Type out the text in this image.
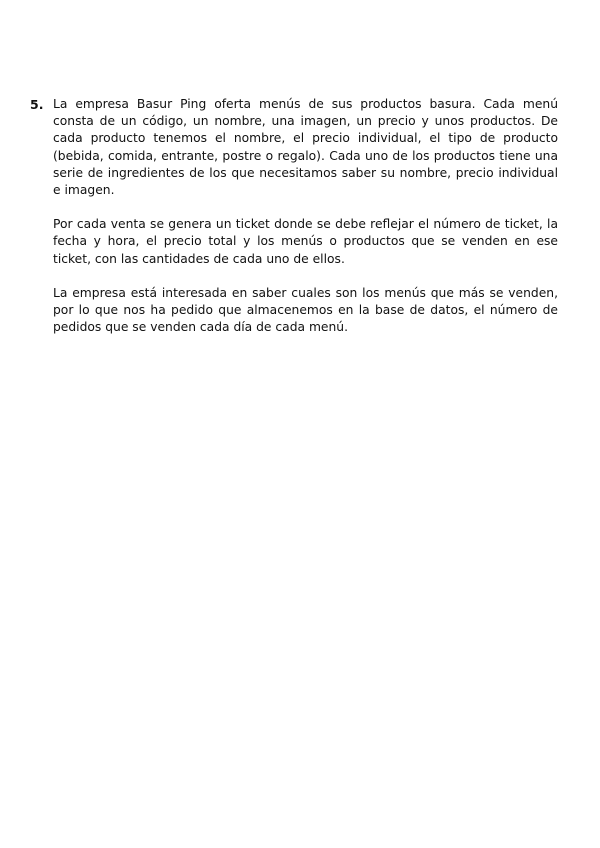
5. La empresa Basur Ping oferta menús de sus productos basura. Cada menú consta de un código, un nombre, una imagen, un precio y unos productos. De cada producto tenemos el nombre, el precio individual, el tipo de producto (bebida, comida, entrante, postre o regalo). Cada uno de los productos tiene una serie de ingredientes de los que necesitamos saber su nombre, precio individual e imagen.

Por cada venta se genera un ticket donde se debe reflejar el número de ticket, la fecha y hora, el precio total y los menús o productos que se venden en ese ticket, con las cantidades de cada uno de ellos.

La empresa está interesada en saber cuales son los menús que más se venden, por lo que nos ha pedido que almacenemos en la base de datos, el número de pedidos que se venden cada día de cada menú.
